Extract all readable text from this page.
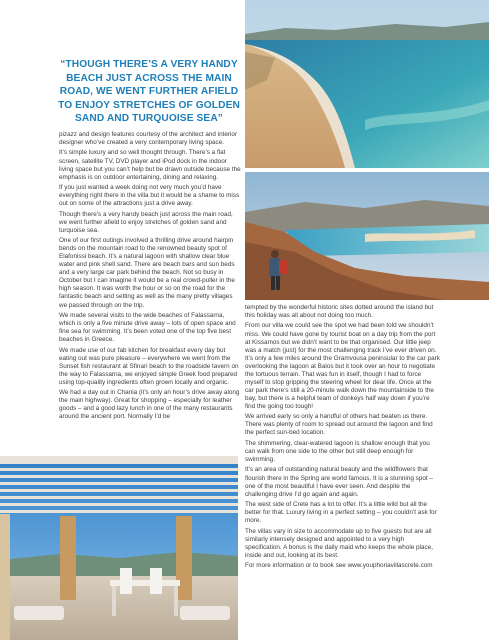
“THOUGH THERE’S A VERY HANDY BEACH JUST ACROSS THE MAIN ROAD, WE WENT FURTHER AFIELD TO ENJOY STRETCHES OF GOLDEN SAND AND TURQUOISE SEA”

pizazz and design features courtesy of the architect and interior designer who’ve created a very contemporary living space.

It’s simple luxury and so well thought through. There’s a flat screen, satellite TV, DVD player and iPod dock in the indoor living space but you can’t help but be drawn outside because the emphasis is on outdoor entertaining, dining and relaxing.

If you just wanted a week doing not very much you’d have everything right there in the villa but it would be a shame to miss out on some of the attractions just a drive away.

Though there’s a very handy beach just across the main road, we went further afield to enjoy stretches of golden sand and turquoise sea.

One of our first outings involved a thrilling drive around hairpin bends on the mountain road to the renowned beauty spot of Elafonissi beach. It’s a natural lagoon with shallow clear blue water and pink shell sand. There are beach bars and sun beds and a very large car park behind the beach. Not so busy in October but I can imagine it would be a real crowd-puller in the high season. It was worth the hour or so on the road for the fantastic beach and setting as well as the many pretty villages we passed through on the trip.

We made several visits to the wide beaches of Falassarna, which is only a five minute drive away – lots of open space and fine sea for swimming. It’s been voted one of the top five best beaches in Greece.

We made use of our fab kitchen for breakfast every day but eating out was pure pleasure – everywhere we went from the Sunset fish restaurant at Sfinari beach to the roadside tavern on the way to Falassarna, we enjoyed simple Greek food prepared using top-quality ingredients often grown locally and organic.

We had a day out in Chania (it’s only an hour’s drive away along the main highway). Great for shopping – especially for leather goods – and a good lazy lunch in one of the many restaurants around the ancient port. Normally I’d be

tempted by the wonderful historic sites dotted around the island but this holiday was all about not doing too much.

From our villa we could see the spot we had been told we shouldn’t miss. We could have gone by tourist boat on a day trip from the port at Kissamos but we didn’t want to be that organised. Our little jeep was a match (just) for the most challenging track I’ve ever driven on. It’s only a few miles around the Gramvousa peninsular to the car park overlooking the lagoon at Balos but it took over an hour to negotiate the tortuous terrain. That was fun in itself, though I had to force myself to stop gripping the steering wheel for dear life. Once at the car park there’s still a 20-minute walk down the mountainside to the bay, but there is a helpful team of donkeys half way down if you’re find the going too tough!

We arrived early so only a handful of others had beaten us there. There was plenty of room to spread out around the lagoon and find the perfect sun-bed location.

The shimmering, clear-watered lagoon is shallow enough that you can walk from one side to the other but still deep enough for swimming.

It’s an area of outstanding natural beauty and the wildflowers that flourish there in the Spring are world famous. It is a stunning spot – one of the most beautiful I have ever seen. And despite the challenging drive I’d go again and again.

The west side of Crete has a lot to offer. It’s a little wild but all the better for that. Luxury living in a perfect setting – you couldn’t ask for more.

The villas vary in size to accommodate up to five guests but are all similarly intensely designed and appointed to a very high specification. A bonus is the daily maid who keeps the whole place, inside and out, looking at its best.

For more information or to book see www.youphoriavillascrete.com
